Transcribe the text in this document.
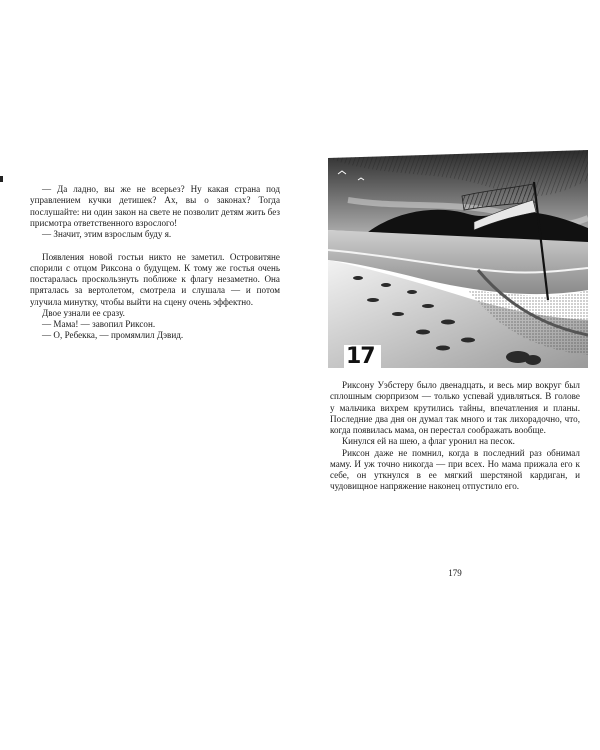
— Да ладно, вы же не всерьез? Ну какая страна под управлением кучки детишек? Ах, вы о законах? Тогда послушайте: ни один закон на свете не позволит детям жить без присмотра ответственного взрослого!

— Значит, этим взрослым буду я.

Появления новой гостьи никто не заметил. Островитяне спорили с отцом Риксона о будущем. К тому же гостья очень постаралась проскользнуть поближе к флагу незаметно. Она пряталась за вертолетом, смотрела и слушала — и потом улучила минутку, чтобы выйти на сцену очень эффектно.

Двое узнали ее сразу.

— Мама! — завопил Риксон.

— О, Ребекка, — промямлил Дэвид.

17

Риксону Уэбстеру было двенадцать, и весь мир вокруг был сплошным сюрпризом — только успевай удивляться. В голове у мальчика вихрем крутились тайны, впечатления и планы. Последние два дня он думал так много и так лихорадочно, что, когда появилась мама, он перестал соображать вообще.

Кинулся ей на шею, а флаг уронил на песок.

Риксон даже не помнил, когда в последний раз обнимал маму. И уж точно никогда — при всех. Но мама прижала его к себе, он уткнулся в ее мягкий шерстяной кардиган, и чудовищное напряжение наконец отпустило его.

179
